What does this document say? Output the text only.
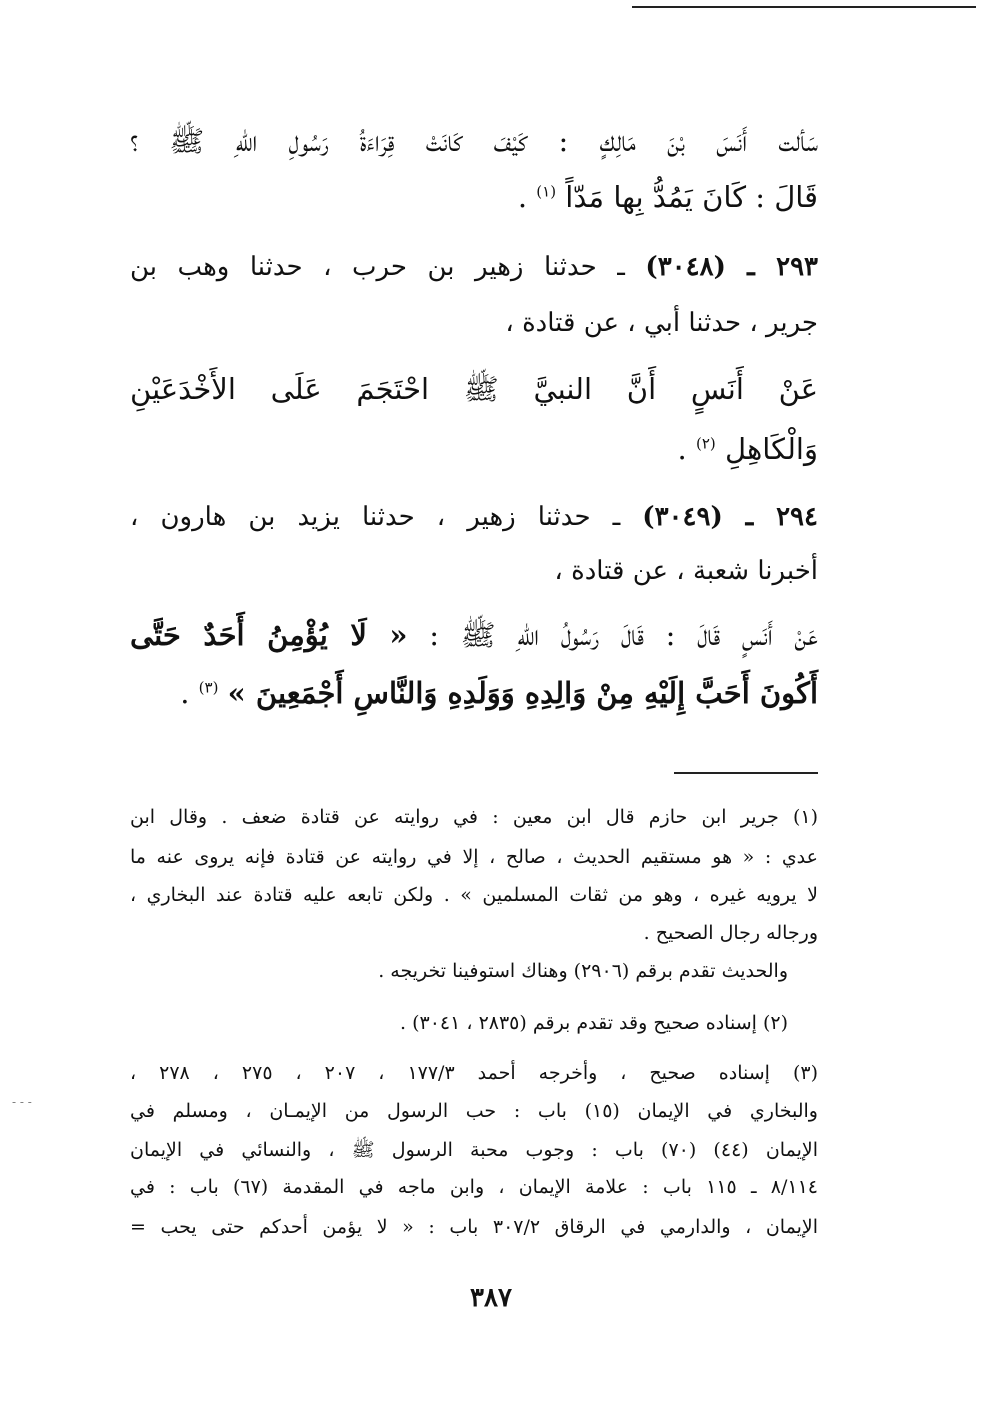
سَألت أَنَسَ بْنَ مَالِكٍ : كَيْفَ كَانَتْ قِرَاءَةُ رَسُولِ اللهِ ﷺ ؟
قَالَ : كَانَ يَمُدُّ بِها مَدّاً $^{(١)}$ .
٢٩٣ ـ (٣٠٤٨) ـ حدثنا زهير بن حرب ، حدثنا وهب بن
جرير ، حدثنا أبي ، عن قتادة ،
عَنْ أَنَسٍ أَنَّ النبيَّ ﷺ احْتَجَمَ عَلَى الأَخْدَعَيْنِ
وَالْكَاهِلِ $^{(٢)}$ .
٢٩٤ ـ (٣٠٤٩) ـ حدثنا زهير ، حدثنا يزيد بن هارون ،
أخبرنا شعبة ، عن قتادة ،
عَنْ أَنَسٍ قَالَ : قَالَ رَسُولُ اللهِ ﷺ : « لَا يُؤْمِنُ أَحَدٌ حَتَّى
أَكُونَ أَحَبَّ إِلَيْهِ مِنْ وَالِدِهِ وَوَلَدِهِ وَالنَّاسِ أَجْمَعِينَ » $^{(٣)}$ .
(١) جرير ابن حازم قال ابن معين : في روايته عن قتادة ضعف . وقال ابن
عدي : « هو مستقيم الحديث ، صالح ، إلا في روايته عن قتادة فإنه يروى عنه ما
لا يرويه غيره ، وهو من ثقات المسلمين » . ولكن تابعه عليه قتادة عند البخاري ،
ورجاله رجال الصحيح .
والحديث تقدم برقم (٢٩٠٦) وهناك استوفينا تخريجه .
(٢) إسناده صحيح وقد تقدم برقم (٢٨٣٥ ، ٣٠٤١) .
(٣) إسناده صحيح ، وأخرجه أحمد ١٧٧/٣ ، ٢٠٧ ، ٢٧٥ ، ٢٧٨ ،
والبخاري في الإيمان (١٥) باب : حب الرسول من الإيمـان ، ومسلم في
الإيمان (٤٤) (٧٠) باب : وجوب محبة الرسول ﷺ ، والنسائي في الإيمان
٨/١١٤ ـ ١١٥ باب : علامة الإيمان ، وابن ماجه في المقدمة (٦٧) باب : في
الإيمان ، والدارمي في الرقاق ٣٠٧/٢ باب : « لا يؤمن أحدكم حتى يحب =
- - -
٣٨٧
